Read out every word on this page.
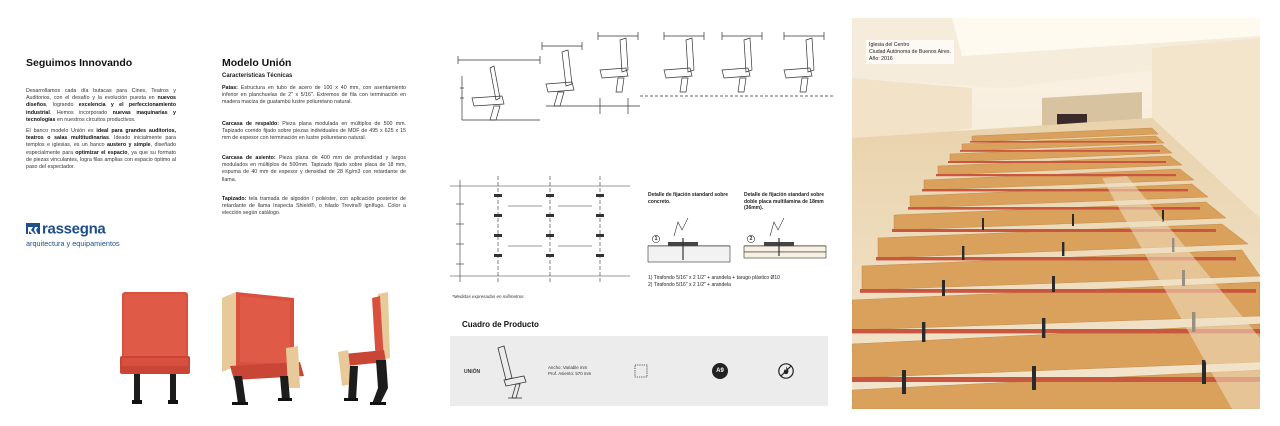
Seguimos Innovando
Desarrollamos cada día butacas para Cines, Teatros y Auditorios, con el desafío y la evolución puesta en nuevos diseños, logrando excelencia y el perfeccionamiento industrial. Hemos incorporado nuevas maquinarias y tecnologías en nuestros circuitos productivos.
El banco modelo Unión es ideal para grandes auditorios, teatros o salas multitudinarias. Ideado inicialmente para templos e iglesias, es un banco austero y simple, diseñado especialmente para optimizar el espacio, ya que su formato de piezas vinculantes, logra filas amplias con espacio óptimo al paso del espectador.
rassegna
arquitectura y equipamientos
Modelo Unión
Características Técnicas
Patas: Estructura en tubo de acero de 100 x 40 mm, con asentamiento inferior en planchuelas de 2" x 5/16". Extremos de fila con terminación en madera maciza de guatambú lustre poliuretano natural.
Carcasa de respaldo: Pieza plana modulada en múltiplos de 500 mm. Tapizado corrido fijado sobre piezas individuales de MDF de 495 x 625 x 15 mm de espesor con terminación en lustre poliuretano natural.
Carcasa de asiento: Pieza plana de 400 mm de profundidad y largos modulados en múltiplos de 500mm. Tapizado fijado sobre placa de 18 mm, espuma de 40 mm de espesor y densidad de 28 Kg/m3 con retardante de llama.
Tapizado: tela tramada de algodón / poliéster, con aplicación posterior de retardante de llama Inspecta Shield®, o hilado Trevira® ignífugo. Color a elección según catálogo.
Detalle de fijación standard sobre concreto.
Detalle de fijación standard sobre doble placa multilamina de 18mm (36mm).
1	2
1) Tirafondo 5/16" x 2 1/2" + arandela + tarugo plástico Ø10
2) Tirafondo 5/16" x 2 1/2" + arandela
*Medidas expresadas en milímetros.
Cuadro de Producto
UNIÓN
Ancho: Variable mm
Prof. Asiento: 570 mm	A9
Iglesia del Centro
Ciudad Autónoma de Buenos Aires.
Año: 2016
